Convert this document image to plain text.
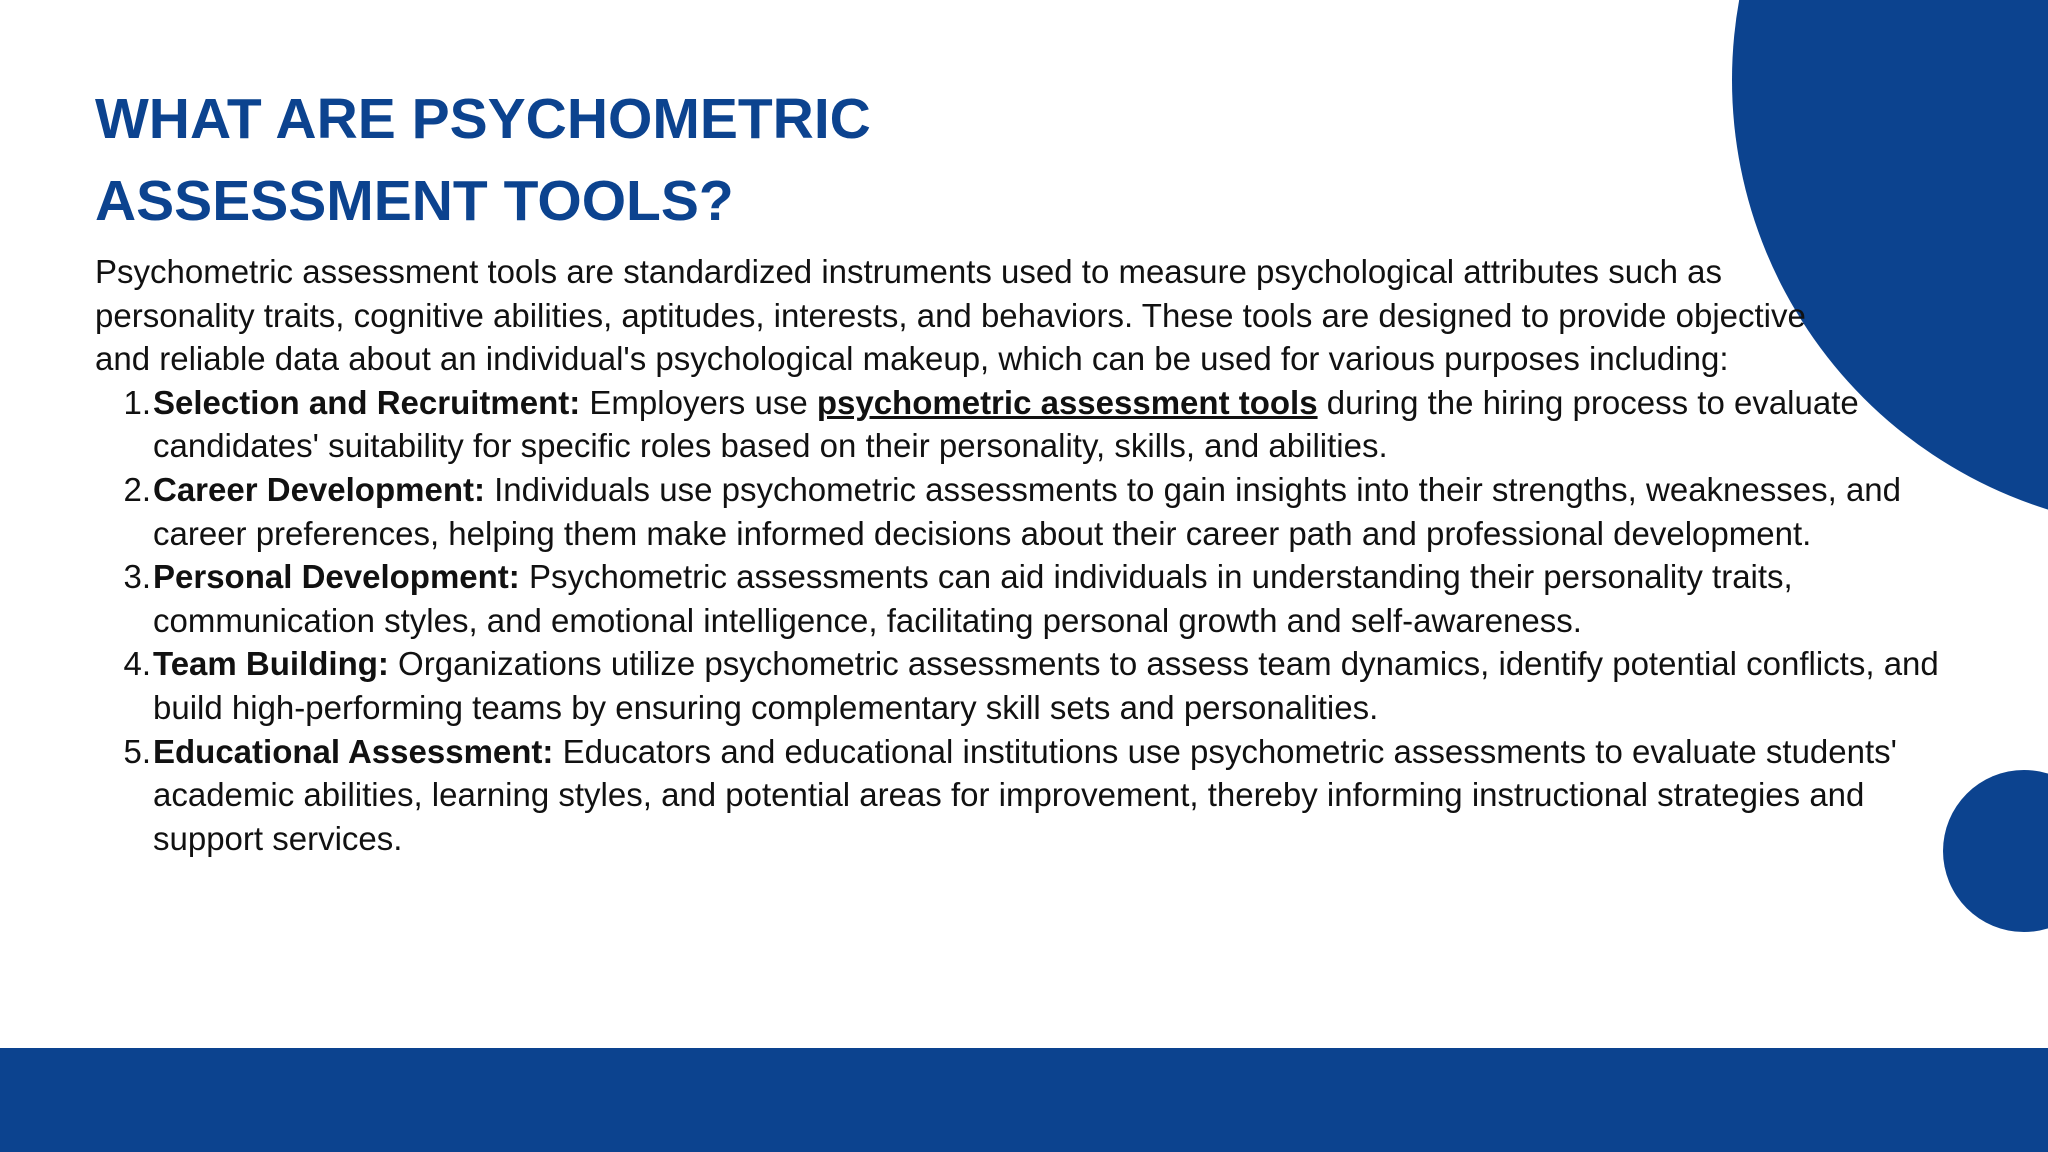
WHAT ARE PSYCHOMETRIC ASSESSMENT TOOLS?

Psychometric assessment tools are standardized instruments used to measure psychological attributes such as personality traits, cognitive abilities, aptitudes, interests, and behaviors. These tools are designed to provide objective and reliable data about an individual's psychological makeup, which can be used for various purposes including:

1. Selection and Recruitment: Employers use psychometric assessment tools during the hiring process to evaluate candidates' suitability for specific roles based on their personality, skills, and abilities.
2. Career Development: Individuals use psychometric assessments to gain insights into their strengths, weaknesses, and career preferences, helping them make informed decisions about their career path and professional development.
3. Personal Development: Psychometric assessments can aid individuals in understanding their personality traits, communication styles, and emotional intelligence, facilitating personal growth and self-awareness.
4. Team Building: Organizations utilize psychometric assessments to assess team dynamics, identify potential conflicts, and build high-performing teams by ensuring complementary skill sets and personalities.
5. Educational Assessment: Educators and educational institutions use psychometric assessments to evaluate students' academic abilities, learning styles, and potential areas for improvement, thereby informing instructional strategies and support services.
